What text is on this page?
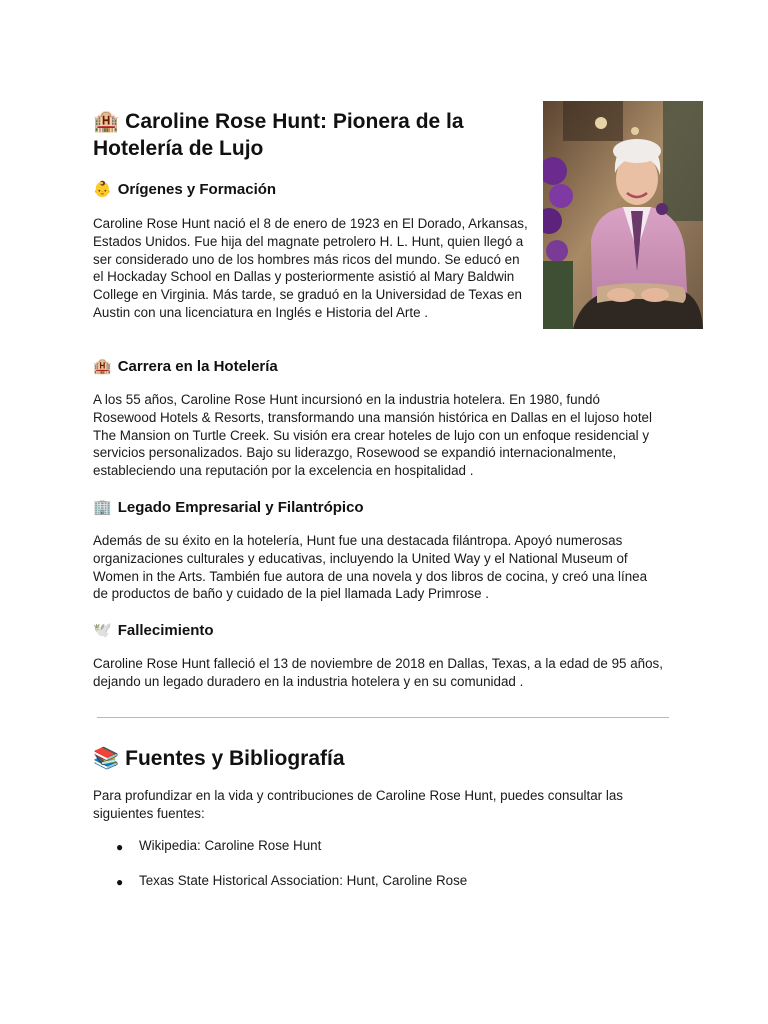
🏨 Caroline Rose Hunt: Pionera de la Hotelería de Lujo
👶 Orígenes y Formación

Caroline Rose Hunt nació el 8 de enero de 1923 en El Dorado, Arkansas, Estados Unidos. Fue hija del magnate petrolero H. L. Hunt, quien llegó a ser considerado uno de los hombres más ricos del mundo. Se educó en el Hockaday School en Dallas y posteriormente asistió al Mary Baldwin College en Virginia. Más tarde, se graduó en la Universidad de Texas en Austin con una licenciatura en Inglés e Historia del Arte .

🏨 Carrera en la Hotelería

A los 55 años, Caroline Rose Hunt incursionó en la industria hotelera. En 1980, fundó Rosewood Hotels & Resorts, transformando una mansión histórica en Dallas en el lujoso hotel The Mansion on Turtle Creek. Su visión era crear hoteles de lujo con un enfoque residencial y servicios personalizados. Bajo su liderazgo, Rosewood se expandió internacionalmente, estableciendo una reputación por la excelencia en hospitalidad .

🏢 Legado Empresarial y Filantrópico

Además de su éxito en la hotelería, Hunt fue una destacada filántropa. Apoyó numerosas organizaciones culturales y educativas, incluyendo la United Way y el National Museum of Women in the Arts. También fue autora de una novela y dos libros de cocina, y creó una línea de productos de baño y cuidado de la piel llamada Lady Primrose .

🕊️ Fallecimiento

Caroline Rose Hunt falleció el 13 de noviembre de 2018 en Dallas, Texas, a la edad de 95 años, dejando un legado duradero en la industria hotelera y en su comunidad .

📚 Fuentes y Bibliografía

Para profundizar en la vida y contribuciones de Caroline Rose Hunt, puedes consultar las siguientes fuentes:

● Wikipedia: Caroline Rose Hunt
● Texas State Historical Association: Hunt, Caroline Rose
